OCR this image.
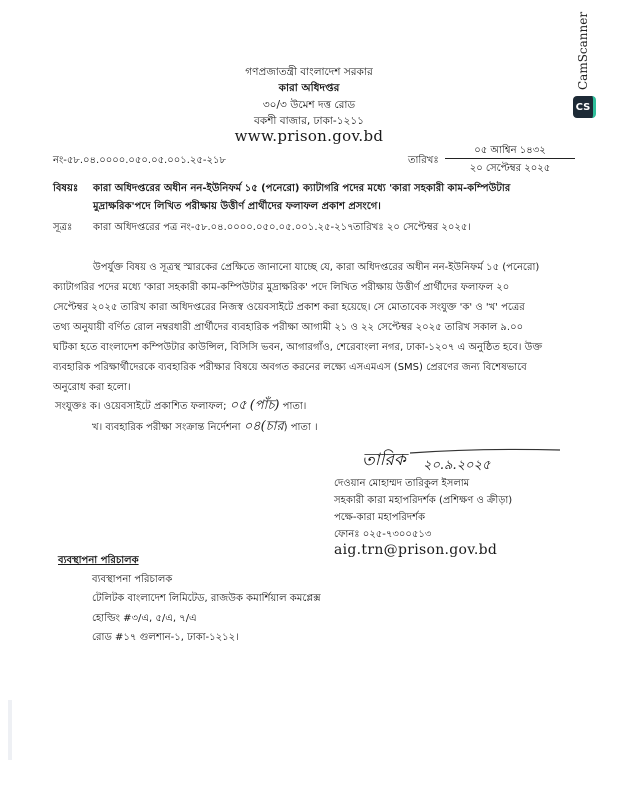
CamScanner
CS
গণপ্রজাতন্ত্রী বাংলাদেশ সরকার
কারা অধিদপ্তর
৩০/৩ উমেশ দত্ত রোড
বকশী বাজার, ঢাকা-১২১১
www.prison.gov.bd
নং-৫৮.০৪.০০০০.০৫০.০৫.০০১.২৫-২১৮	তারিখঃ
০৫ আশ্বিন ১৪৩২
২০ সেপ্টেম্বর ২০২৫
বিষয়ঃ কারা অধিদপ্তরের অধীন নন-ইউনিফর্ম ১৫ (পনেরো) ক্যাটাগরি পদের মধ্যে 'কারা সহকারী কাম-কম্পিউটার
মুদ্রাক্ষরিক'পদে লিখিত পরীক্ষায় উত্তীর্ণ প্রার্থীদের ফলাফল প্রকাশ প্রসংগে।
সূত্রঃ কারা অধিদপ্তরের পত্র নং-৫৮.০৪.০০০০.০৫০.০৫.০০১.২৫-২১৭ তারিখঃ ২০ সেপ্টেম্বর ২০২৫।
উপর্যুক্ত বিষয় ও সূত্রস্থ স্মারকের প্রেক্ষিতে জানানো যাচ্ছে যে, কারা অধিদপ্তরের অধীন নন-ইউনিফর্ম ১৫ (পনেরো)
ক্যাটাগরির পদের মধ্যে 'কারা সহকারী কাম-কম্পিউটার মুদ্রাক্ষরিক' পদে লিখিত পরীক্ষায় উত্তীর্ণ প্রার্থীদের ফলাফল ২০
সেপ্টেম্বর ২০২৫ তারিখ কারা অধিদপ্তরের নিজস্ব ওয়েবসাইটে প্রকাশ করা হয়েছে। সে মোতাবেক সংযুক্ত 'ক' ও 'খ' পত্রের
তথ্য অনুযায়ী বর্ণিত রোল নম্বরধারী প্রার্থীদের ব্যবহারিক পরীক্ষা আগামী ২১ ও ২২ সেপ্টেম্বর ২০২৫ তারিখ সকাল ৯.০০
ঘটিকা হতে বাংলাদেশ কম্পিউটার কাউন্সিল, বিসিসি ভবন, আগারগাঁও, শেরেবাংলা নগর, ঢাকা-১২০৭ এ অনুষ্ঠিত হবে। উক্ত
ব্যবহারিক পরিক্ষার্থীদেরকে ব্যবহারিক পরীক্ষার বিষয়ে অবগত করনের লক্ষ্যে এসএমএস (SMS) প্রেরণের জন্য বিশেষভাবে
অনুরোধ করা হলো।
সংযুক্তঃ ক। ওয়েবসাইটে প্রকাশিত ফলাফল; ০৫ (পাঁচ) পাতা।
খ। ব্যবহারিক পরীক্ষা সংক্রান্ত নির্দেশনা ০৪(চার) পাতা ।
তারিক ২০.৯.২০২৫
দেওয়ান মোহাম্মদ তারিকুল ইসলাম
সহকারী কারা মহাপরিদর্শক (প্রশিক্ষণ ও ক্রীড়া)
পক্ষে-কারা মহাপরিদর্শক
ফোনঃ ০২৫-৭৩০০৫১৩
aig.trn@prison.gov.bd
ব্যবস্থাপনা পরিচালক
ব্যবস্থাপনা পরিচালক
টেলিটক বাংলাদেশ লিমিটেড, রাজউক কমার্শিয়াল কমপ্লেক্স
হোল্ডিং #৩/এ, ৫/এ, ৭/এ
রোড #১৭ গুলশান-১, ঢাকা-১২১২।
